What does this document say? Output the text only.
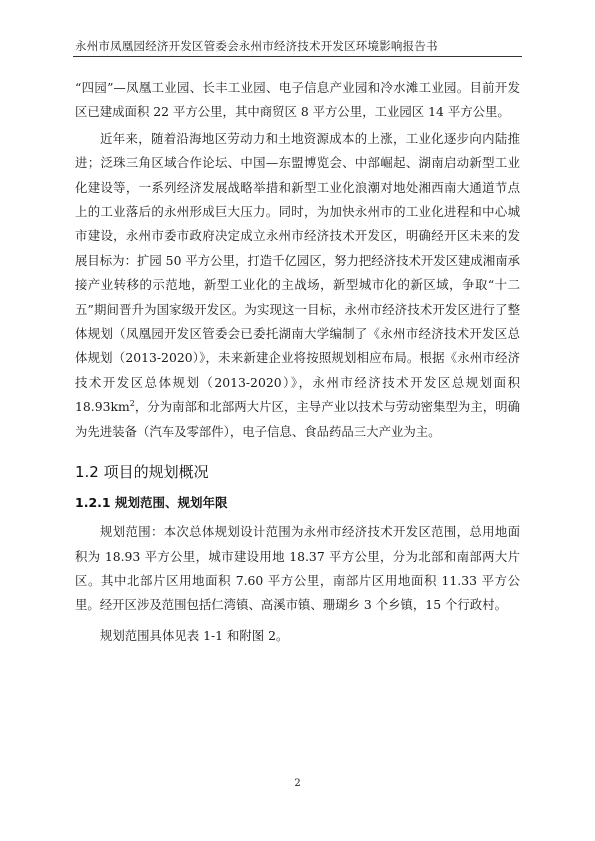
永州市凤凰园经济开发区管委会永州市经济技术开发区环境影响报告书

“四园”—凤凰工业园、长丰工业园、电子信息产业园和冷水滩工业园。目前开发区已建成面积 22 平方公里，其中商贸区 8 平方公里，工业园区 14 平方公里。

近年来，随着沿海地区劳动力和土地资源成本的上涨，工业化逐步向内陆推进；泛珠三角区域合作论坛、中国—东盟博览会、中部崛起、湖南启动新型工业化建设等，一系列经济发展战略举措和新型工业化浪潮对地处湘西南大通道节点上的工业落后的永州形成巨大压力。同时，为加快永州市的工业化进程和中心城市建设，永州市委市政府决定成立永州市经济技术开发区，明确经开区未来的发展目标为：扩园 50 平方公里，打造千亿园区，努力把经济技术开发区建成湘南承接产业转移的示范地，新型工业化的主战场，新型城市化的新区域，争取“十二五”期间晋升为国家级开发区。为实现这一目标，永州市经济技术开发区进行了整体规划（凤凰园开发区管委会已委托湖南大学编制了《永州市经济技术开发区总体规划（2013-2020）》，未来新建企业将按照规划相应布局。根据《永州市经济技术开发区总体规划（2013-2020）》，永州市经济技术开发区总规划面积 $18.93km^2$，分为南部和北部两大片区，主导产业以技术与劳动密集型为主，明确为先进装备（汽车及零部件），电子信息、食品药品三大产业为主。

1.2 项目的规划概况
1.2.1 规划范围、规划年限

规划范围：本次总体规划设计范围为永州市经济技术开发区范围，总用地面积为 18.93 平方公里，城市建设用地 18.37 平方公里，分为北部和南部两大片区。其中北部片区用地面积 7.60 平方公里，南部片区用地面积 11.33 平方公里。经开区涉及范围包括仁湾镇、高溪市镇、珊瑚乡 3 个乡镇，15 个行政村。

规划范围具体见表 1-1 和附图 2。

2
